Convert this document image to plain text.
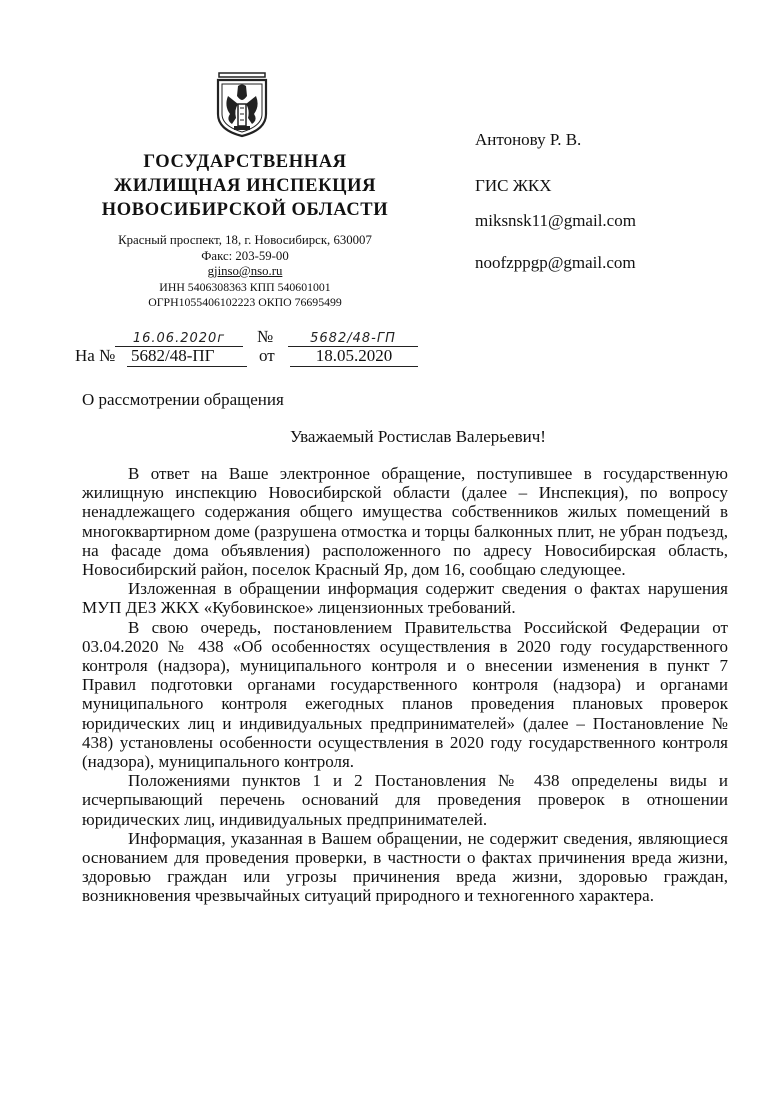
ГОСУДАРСТВЕННАЯ
ЖИЛИЩНАЯ ИНСПЕКЦИЯ
НОВОСИБИРСКОЙ ОБЛАСТИ
Красный проспект, 18, г. Новосибирск, 630007
Факс: 203-59-00
gjinso@nso.ru
ИНН 5406308363 КПП 540601001
ОГРН1055406102223 ОКПО 76695499
Антонову Р. В.
ГИС ЖКХ
miksnsk11@gmail.com
noofzppgp@gmail.com
16.06.2020г	№	5682/48-ГП
На № 5682/48-ПГ	от	18.05.2020
О рассмотрении обращения
Уважаемый Ростислав Валерьевич!

В ответ на Ваше электронное обращение, поступившее в государственную жилищную инспекцию Новосибирской области (далее – Инспекция), по вопросу ненадлежащего содержания общего имущества собственников жилых помещений в многоквартирном доме (разрушена отмостка и торцы балконных плит, не убран подъезд, на фасаде дома объявления) расположенного по адресу Новосибирская область, Новосибирский район, поселок Красный Яр, дом 16, сообщаю следующее.

Изложенная в обращении информация содержит сведения о фактах нарушения МУП ДЕЗ ЖКХ «Кубовинское» лицензионных требований.

В свою очередь, постановлением Правительства Российской Федерации от 03.04.2020 № 438 «Об особенностях осуществления в 2020 году государственного контроля (надзора), муниципального контроля и о внесении изменения в пункт 7 Правил подготовки органами государственного контроля (надзора) и органами муниципального контроля ежегодных планов проведения плановых проверок юридических лиц и индивидуальных предпринимателей» (далее – Постановление № 438) установлены особенности осуществления в 2020 году государственного контроля (надзора), муниципального контроля.

Положениями пунктов 1 и 2 Постановления № 438 определены виды и исчерпывающий перечень оснований для проведения проверок в отношении юридических лиц, индивидуальных предпринимателей.

Информация, указанная в Вашем обращении, не содержит сведения, являющиеся основанием для проведения проверки, в частности о фактах причинения вреда жизни, здоровью граждан или угрозы причинения вреда жизни, здоровью граждан, возникновения чрезвычайных ситуаций природного и техногенного характера.
